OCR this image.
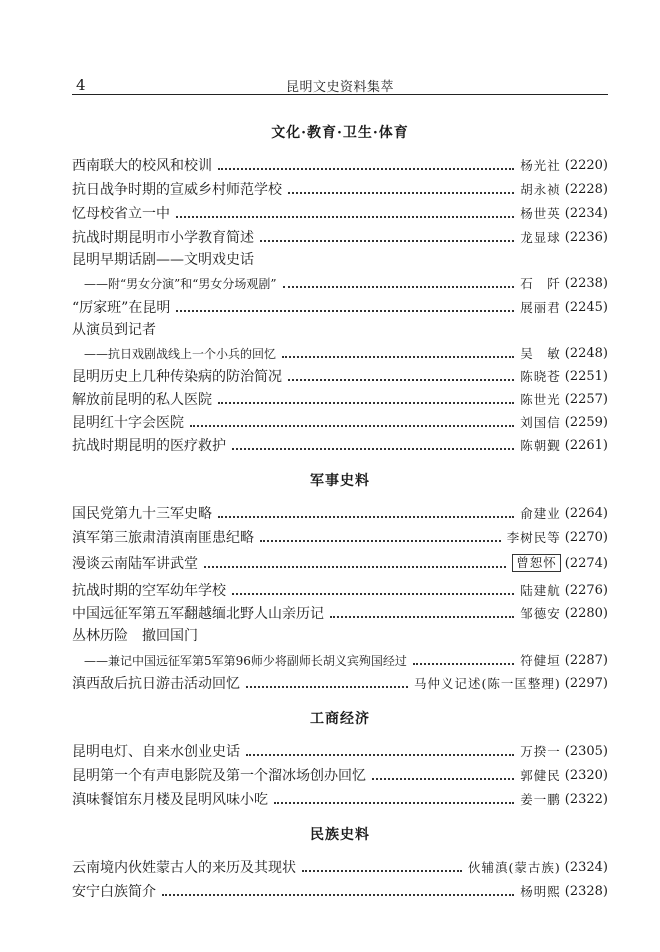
4	昆明文史资料集萃
文化·教育·卫生·体育
西南联大的校风和校训	杨光社 (2220)
抗日战争时期的宣威乡村师范学校	胡永祯 (2228)
忆母校省立一中	杨世英 (2234)
抗战时期昆明市小学教育简述	龙显球 (2236)
昆明早期话剧——文明戏史话
——附“男女分演”和“男女分场观剧”	石　阡 (2238)
“厉家班”在昆明	展丽君 (2245)
从演员到记者
——抗日戏剧战线上一个小兵的回忆	吴　敏 (2248)
昆明历史上几种传染病的防治简况	陈晓苍 (2251)
解放前昆明的私人医院	陈世光 (2257)
昆明红十字会医院	刘国信 (2259)
抗战时期昆明的医疗救护	陈朝觐 (2261)
军事史料
国民党第九十三军史略	俞建业 (2264)
滇军第三旅肃清滇南匪患纪略	李树民等 (2270)
漫谈云南陆军讲武堂	曾恕怀 (2274)
抗战时期的空军幼年学校	陆建航 (2276)
中国远征军第五军翻越缅北野人山亲历记	邹德安 (2280)
丛林历险　撤回国门
——兼记中国远征军第5军第96师少将副师长胡义宾殉国经过	符健垣 (2287)
滇西敌后抗日游击活动回忆	马仲义记述(陈一匡整理) (2297)
工商经济
昆明电灯、自来水创业史话	万揆一 (2305)
昆明第一个有声电影院及第一个溜冰场创办回忆	郭健民 (2320)
滇味餐馆东月楼及昆明风味小吃	姜一鹏 (2322)
民族史料
云南境内伙姓蒙古人的来历及其现状	伙辅滇(蒙古族) (2324)
安宁白族简介	杨明熙 (2328)
